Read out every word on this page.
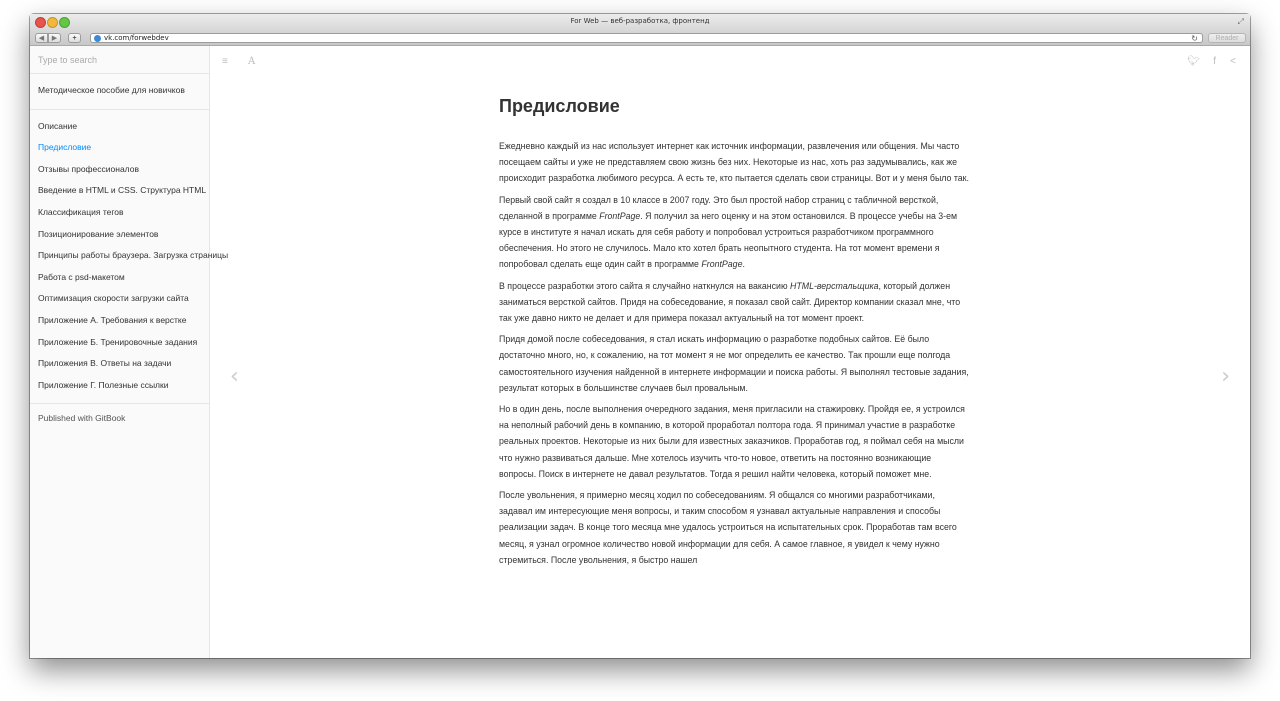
For Web — веб-разработка, фронтенд	⤢
◀	▶	+	vk.com/forwebdev	↻	Reader
Type to search
Методическое пособие для новичков
Описание
Предисловие
Отзывы профессионалов
Введение в HTML и CSS. Структура HTML
Классификация тегов
Позиционирование элементов
Принципы работы браузера. Загрузка страницы
Работа с psd-макетом
Оптимизация скорости загрузки сайта
Приложение А. Требования к верстке
Приложение Б. Тренировочные задания
Приложения В. Ответы на задачи
Приложение Г. Полезные ссылки
Published with GitBook
≡ A	🐦︎ f <
‹	›
Предисловие

Ежедневно каждый из нас использует интернет как источник информации, развлечения или общения. Мы часто посещаем сайты и уже не представляем свою жизнь без них. Некоторые из нас, хоть раз задумывались, как же происходит разработка любимого ресурса. А есть те, кто пытается сделать свои страницы. Вот и у меня было так.

Первый свой сайт я создал в 10 классе в 2007 году. Это был простой набор страниц с табличной версткой, сделанной в программе FrontPage. Я получил за него оценку и на этом остановился. В процессе учебы на 3-ем курсе в институте я начал искать для себя работу и попробовал устроиться разработчиком программного обеспечения. Но этого не случилось. Мало кто хотел брать неопытного студента. На тот момент времени я попробовал сделать еще один сайт в программе FrontPage.

В процессе разработки этого сайта я случайно наткнулся на вакансию HTML-верстальщика, который должен заниматься версткой сайтов. Придя на собеседование, я показал свой сайт. Директор компании сказал мне, что так уже давно никто не делает и для примера показал актуальный на тот момент проект.

Придя домой после собеседования, я стал искать информацию о разработке подобных сайтов. Её было достаточно много, но, к сожалению, на тот момент я не мог определить ее качество. Так прошли еще полгода самостоятельного изучения найденной в интернете информации и поиска работы. Я выполнял тестовые задания, результат которых в большинстве случаев был провальным.

Но в один день, после выполнения очередного задания, меня пригласили на стажировку. Пройдя ее, я устроился на неполный рабочий день в компанию, в которой проработал полтора года. Я принимал участие в разработке реальных проектов. Некоторые из них были для известных заказчиков. Проработав год, я поймал себя на мысли что нужно развиваться дальше. Мне хотелось изучить что-то новое, ответить на постоянно возникающие вопросы. Поиск в интернете не давал результатов. Тогда я решил найти человека, который поможет мне.

После увольнения, я примерно месяц ходил по собеседованиям. Я общался со многими разработчиками, задавал им интересующие меня вопросы, и таким способом я узнавал актуальные направления и способы реализации задач. В конце того месяца мне удалось устроиться на испытательных срок. Проработав там всего месяц, я узнал огромное количество новой информации для себя. А самое главное, я увидел к чему нужно стремиться. После увольнения, я быстро нашел
